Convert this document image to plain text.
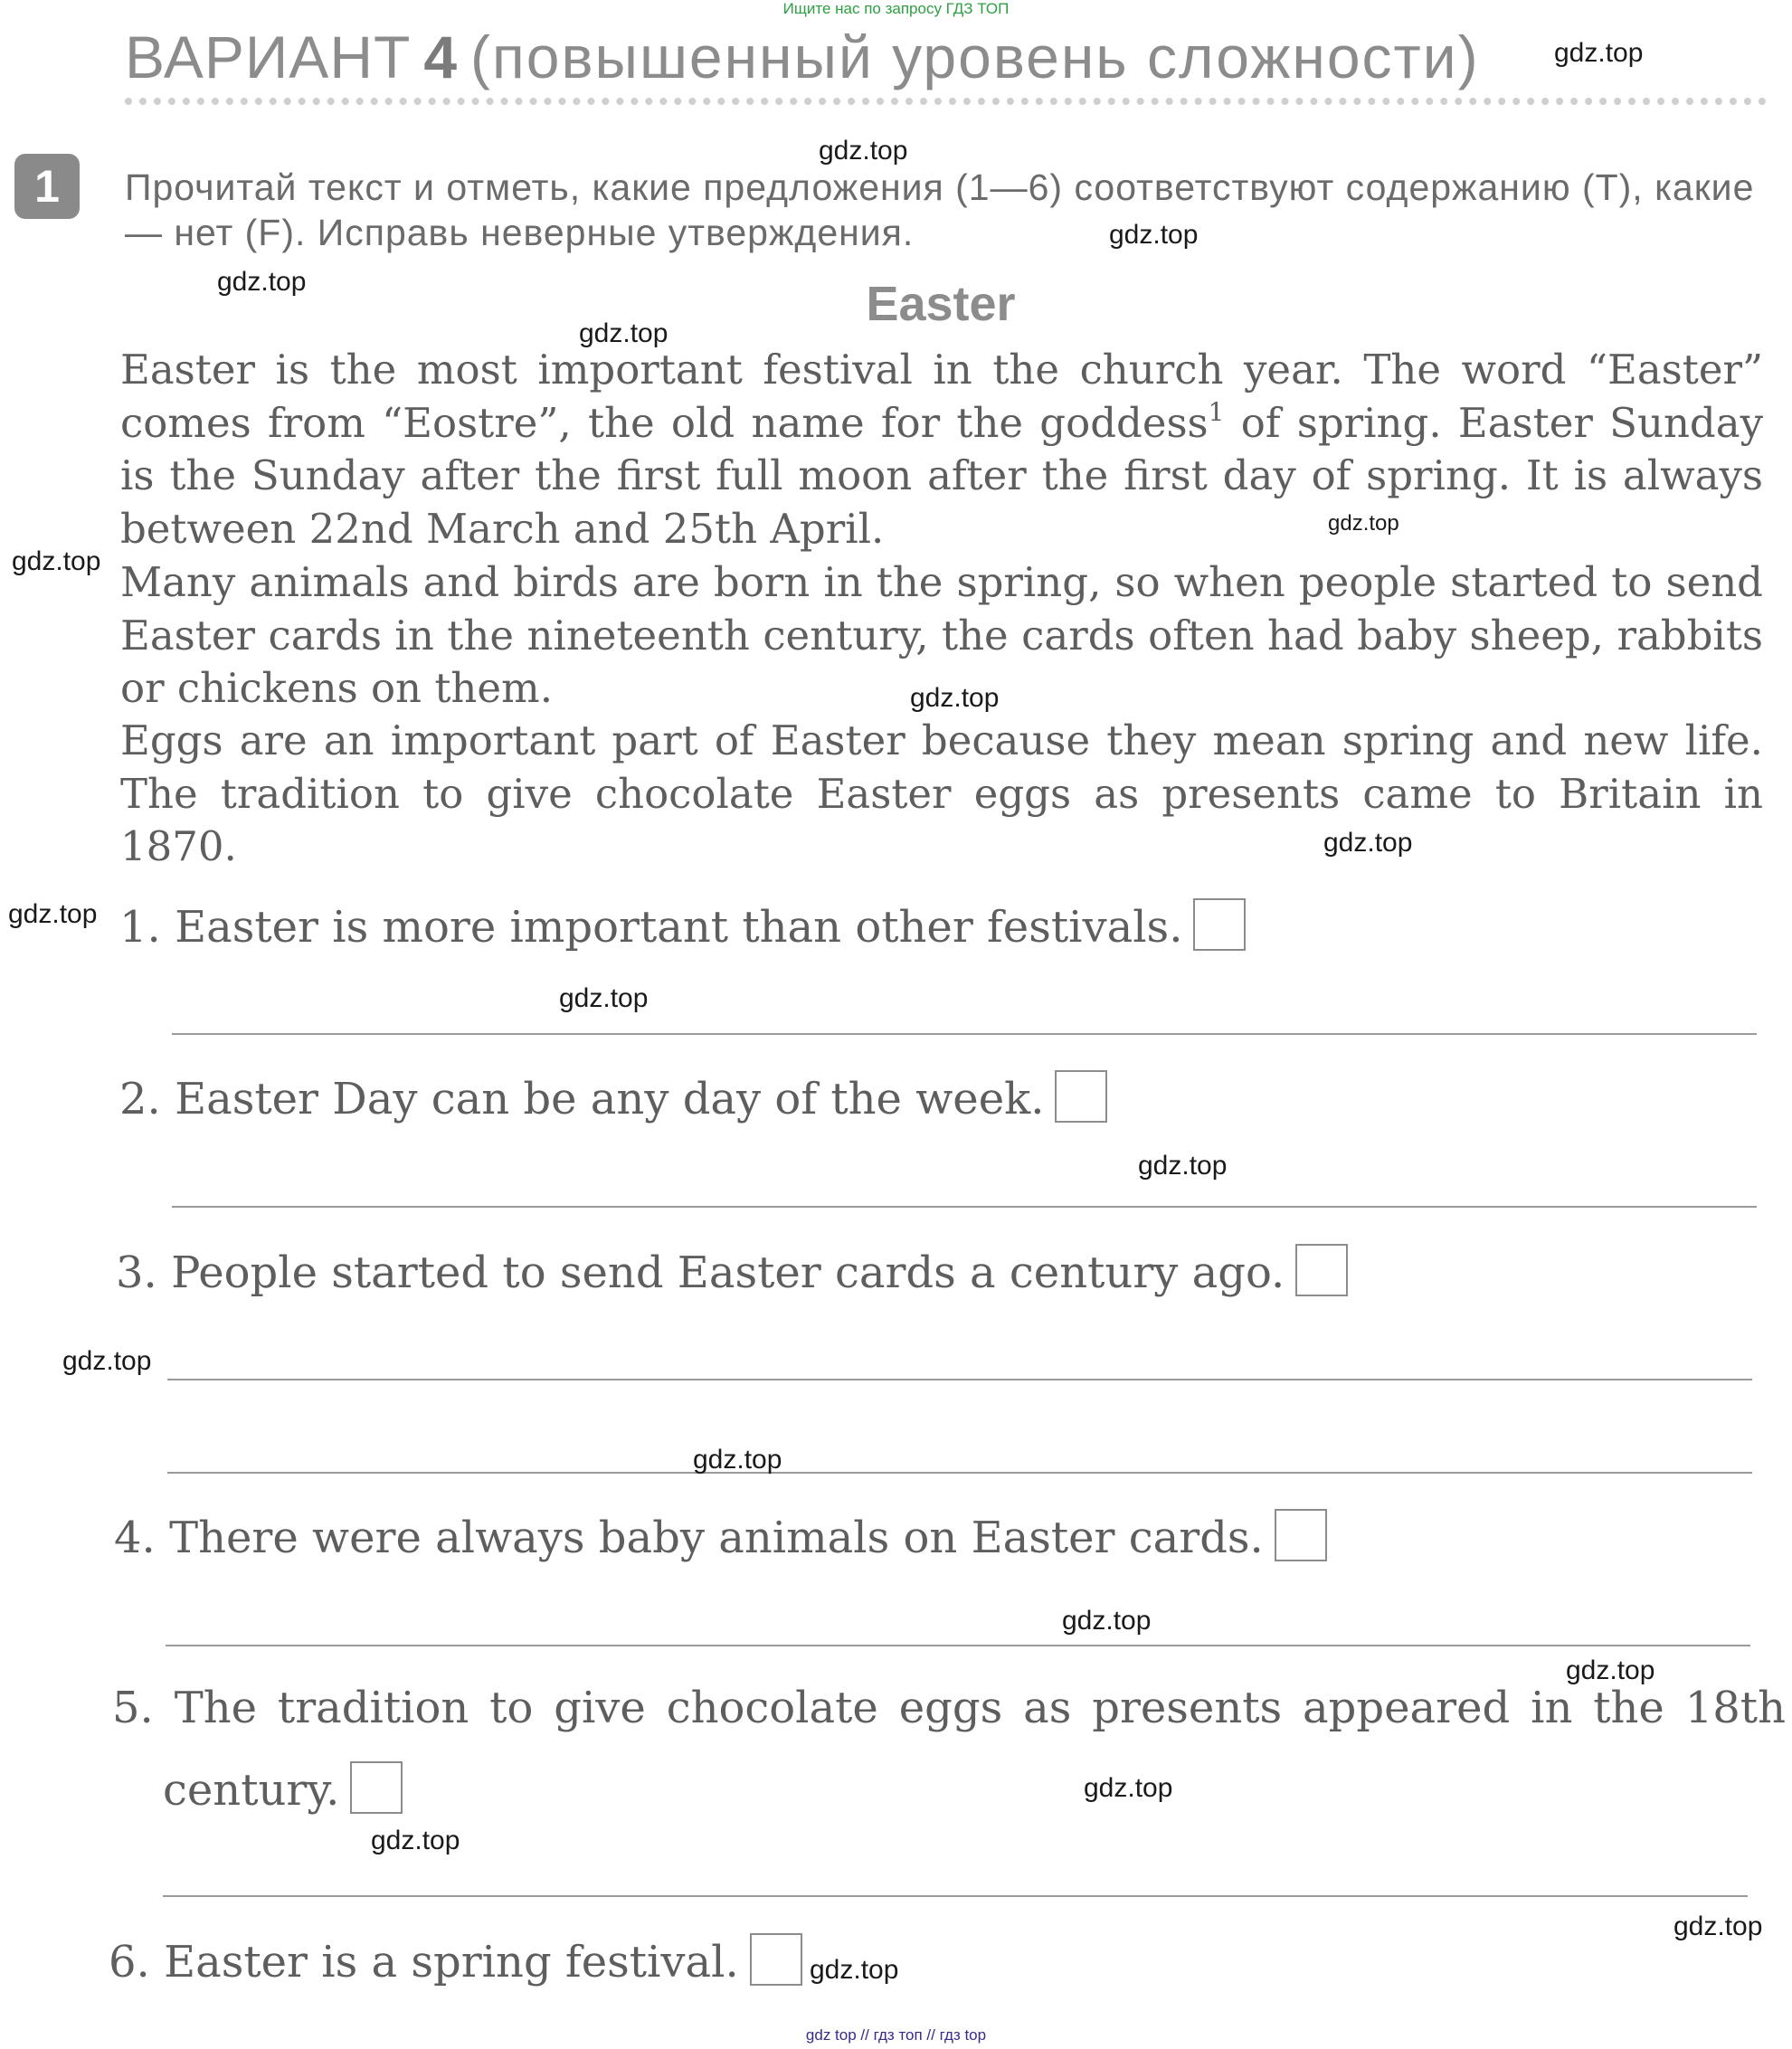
Ищите нас по запросу ГДЗ ТОП
ВАРИАНТ 4 (повышенный уровень сложности)
1	Прочитай текст и отметь, какие предложения (1—6) соответствуют содержанию (T), какие — нет (F). Исправь неверные утверждения.
Easter
Easter is the most important festival in the church year. The word “Easter” comes from “Eostre”, the old name for the goddess$^1$ of spring. Easter Sunday is the Sunday after the first full moon after the first day of spring. It is always between 22nd March and 25th April.
Many animals and birds are born in the spring, so when people started to send Easter cards in the nineteenth century, the cards often had baby sheep, rabbits or chickens on them.
Eggs are an important part of Easter because they mean spring and new life. The tradition to give chocolate Easter eggs as presents came to Britain in 1870.
1. Easter is more important than other festivals.
2. Easter Day can be any day of the week.
3. People started to send Easter cards a century ago.
4. There were always baby animals on Easter cards.
5. The tradition to give chocolate eggs as presents appeared in the 18th
century.
6. Easter is a spring festival.
gdz.top
gdz.top
gdz.top
gdz.top
gdz.top
gdz.top
gdz.top
gdz.top
gdz.top
gdz.top
gdz.top
gdz.top
gdz.top
gdz.top
gdz.top
gdz.top
gdz.top
gdz.top
gdz.top
gdz.top
gdz top // гдз топ // гдз top
